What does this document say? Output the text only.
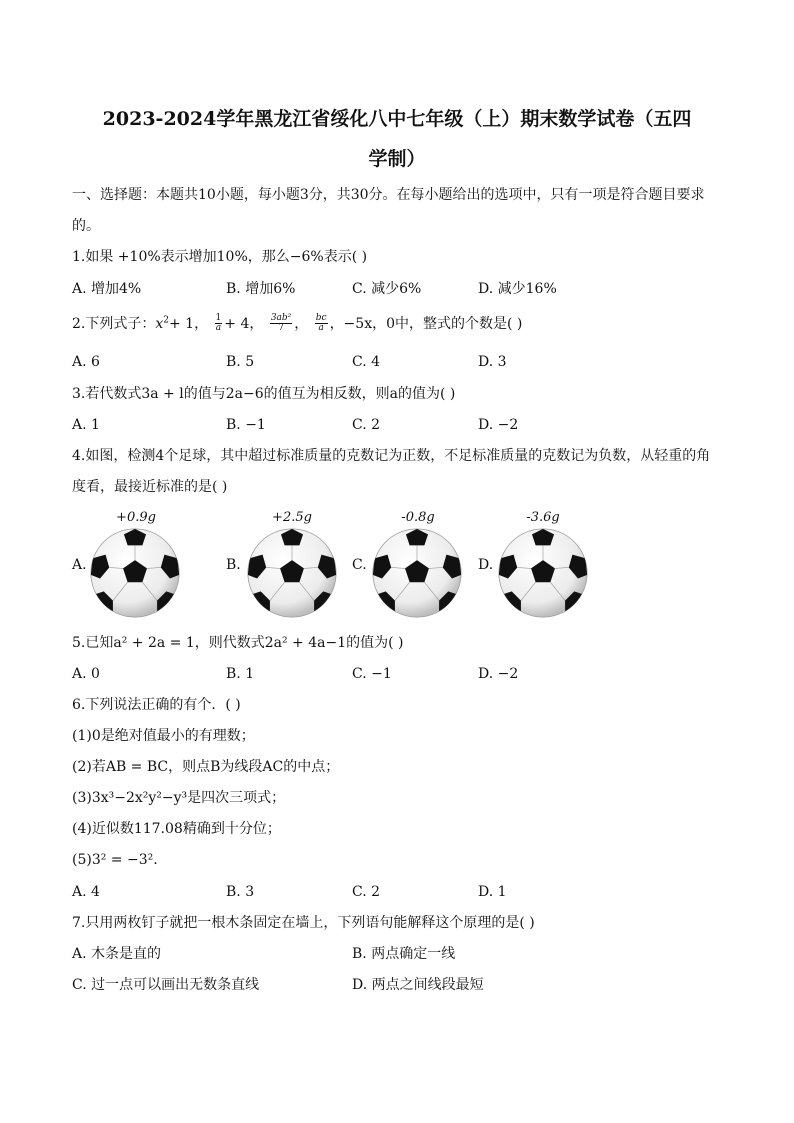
2023-2024学年黑龙江省绥化八中七年级（上）期末数学试卷（五四
学制）
一、选择题：本题共10小题，每小题3分，共30分。在每小题给出的选项中，只有一项是符合题目要求
的。
1.如果 +10%表示增加10%，那么−6%表示( )
A. 增加4%	B. 增加6%	C. 减少6%	D. 减少16%
2.下列式子：$x^2+ 1$， $\frac{1}{a} + 4$， $\frac{\text{3ab²}}{7}$ ， $\frac{bc}{a}$ ，−5x，0中，整式的个数是( )
A. 6	B. 5	C. 4	D. 3
3.若代数式3a + l的值与2a−6的值互为相反数，则a的值为( )
A. 1	B. −1	C. 2	D. −2
4.如图，检测4个足球，其中超过标准质量的克数记为正数，不足标准质量的克数记为负数，从轻重的角
度看，最接近标准的是( )
+0.9g	+2.5g	-0.8g	-3.6g
A.	B.	C.	D.
5.已知a² + 2a = 1，则代数式2a² + 4a−1的值为( )
A. 0	B. 1	C. −1	D. −2
6.下列说法正确的有个．( )
(1)0是绝对值最小的有理数；
(2)若AB = BC，则点B为线段AC的中点；
(3)3x³−2x²y²−y³是四次三项式；
(4)近似数117.08精确到十分位；
(5)3² = −3².
A. 4	B. 3	C. 2	D. 1
7.只用两枚钉子就把一根木条固定在墙上，下列语句能解释这个原理的是( )
A. 木条是直的	B. 两点确定一线
C. 过一点可以画出无数条直线	D. 两点之间线段最短
